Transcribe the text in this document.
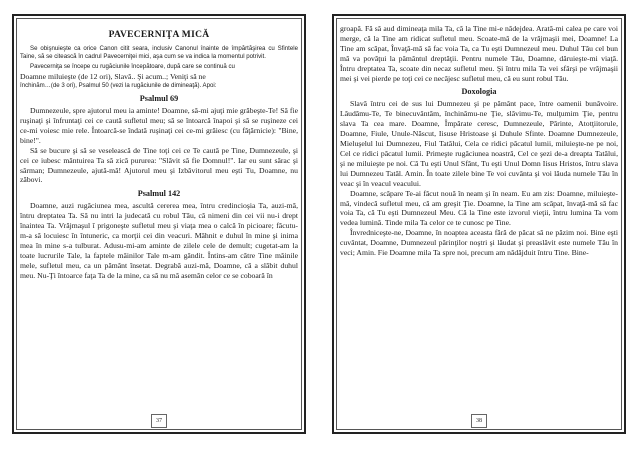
PAVECERNIŢA MICĂ

Se obişnuieşte ca orice Canon citit seara, inclusiv Canonul înainte de împărtăşirea cu Sfintele Taine, să se citească în cadrul Pavecerniţei mici, aşa cum se va indica la momentul potrivit.

Pavecerniţa se începe cu rugăciunile începătoare, după care se continuă cu

Doamne miluieşte (de 12 ori), Slavă.. Şi acum..; Veniţi să ne

închinăm…(de 3 ori), Psalmul 50 (vezi la rugăciunile de dimineaţă). Apoi:

Psalmul 69

Dumnezeule, spre ajutorul meu ia aminte! Doamne, să-mi ajuţi mie grăbeşte-Te! Să fie ruşinaţi şi înfruntaţi cei ce caută sufletul meu; să se întoarcă înapoi şi să se ruşineze cei ce-mi voiesc mie rele. Întoarcă-se îndată ruşinaţi cei ce-mi grăiesc (cu făţărnicie): "Bine, bine!".

Să se bucure şi să se veselească de Tine toţi cei ce Te caută pe Tine, Dumnezeule, şi cei ce iubesc mântuirea Ta să zică pururea: "Slăvit să fie Domnul!". Iar eu sunt sărac şi sărman; Dumnezeule, ajută-mă! Ajutorul meu şi Izbăvitorul meu eşti Tu, Doamne, nu zăbovi.

Psalmul 142

Doamne, auzi rugăciunea mea, ascultă cererea mea, întru credincioşia Ta, auzi-mă, întru dreptatea Ta. Să nu intri la judecată cu robul Tău, că nimeni din cei vii nu-i drept înaintea Ta. Vrăjmaşul î prigoneşte sufletul meu şi viaţa mea o calcă în picioare; făcutu-m-a să locuiesc în întuneric, ca morţii cei din veacuri. Mâhnit e duhul în mine şi inima mea în mine s-a tulburat. Adusu-mi-am aminte de zilele cele de demult; cugetat-am la toate lucrurile Tale, la faptele mâinilor Tale m-am gândit. Întins-am către Tine mâinile mele, sufletul meu, ca un pământ însetat. Degrabă auzi-mă, Doamne, că a slăbit duhul meu. Nu-Ţi întoarce faţa Ta de la mine, ca să nu mă asemăn celor ce se coboară în

37

groapă. Fă să aud dimineaţa mila Ta, că la Tine mi-e nădejdea. Arată-mi calea pe care voi merge, că la Tine am ridicat sufletul meu. Scoate-mă de la vrăjmaşii mei, Doamne! La Tine am scăpat, Învaţă-mă să fac voia Ta, ca Tu eşti Dumnezeul meu. Duhul Tău cel bun mă va povăţui la pământul dreptăţii. Pentru numele Tău, Doamne, dăruieşte-mi viaţă. Întru dreptatea Ta, scoate din necaz sufletul meu. Şi întru mila Ta vei sfârşi pe vrăjmaşii mei şi vei pierde pe toţi cei ce necăjesc sufletul meu, că eu sunt robul Tău.

Doxologia

Slavă întru cei de sus lui Dumnezeu şi pe pământ pace, între oamenii bunăvoire. Lăudămu-Te, Te binecuvântăm, închinămu-ne Ţie, slăvimu-Te, mulţumim Ţie, pentru slava Ta cea mare. Doamne, Împărate ceresc, Dumnezeule, Părinte, Atotţiitorule, Doamne, Fiule, Unule-Născut, Iisuse Hristoase şi Duhule Sfinte. Doamne Dumnezeule, Mieluşelul lui Dumnezeu, Fiul Tatălui, Cela ce ridici păcatul lumii, miluieşte-ne pe noi, Cel ce ridici păcatul lumii. Primeşte rugăciunea noastră, Cel ce şezi de-a dreapta Tatălui, şi ne miluieşte pe noi. Că Tu eşti Unul Sfânt, Tu eşti Unul Domn Iisus Hristos, întru slava lui Dumnezeu Tatăl. Amin. În toate zilele bine Te voi cuvânta şi voi lăuda numele Tău în veac şi în veacul veacului.

Doamne, scăpare Te-ai făcut nouă în neam şi în neam. Eu am zis: Doamne, miluieşte-mă, vindecă sufletul meu, că am greşit Ţie. Doamne, la Tine am scăpat, învaţă-mă să fac voia Ta, că Tu eşti Dumnezeul Meu. Că la Tine este izvorul vieţii, întru lumina Ta vom vedea lumină. Tinde mila Ta celor ce te cunosc pe Tine.

Învredniceşte-ne, Doamne, în noaptea aceasta fără de păcat să ne păzim noi. Bine eşti cuvântat, Doamne, Dumnezeul părinţilor noştri şi lăudat şi preaslăvit este numele Tău în veci; Amin. Fie Doamne mila Ta spre noi, precum am nădăjduit întru Tine. Bine-

38
